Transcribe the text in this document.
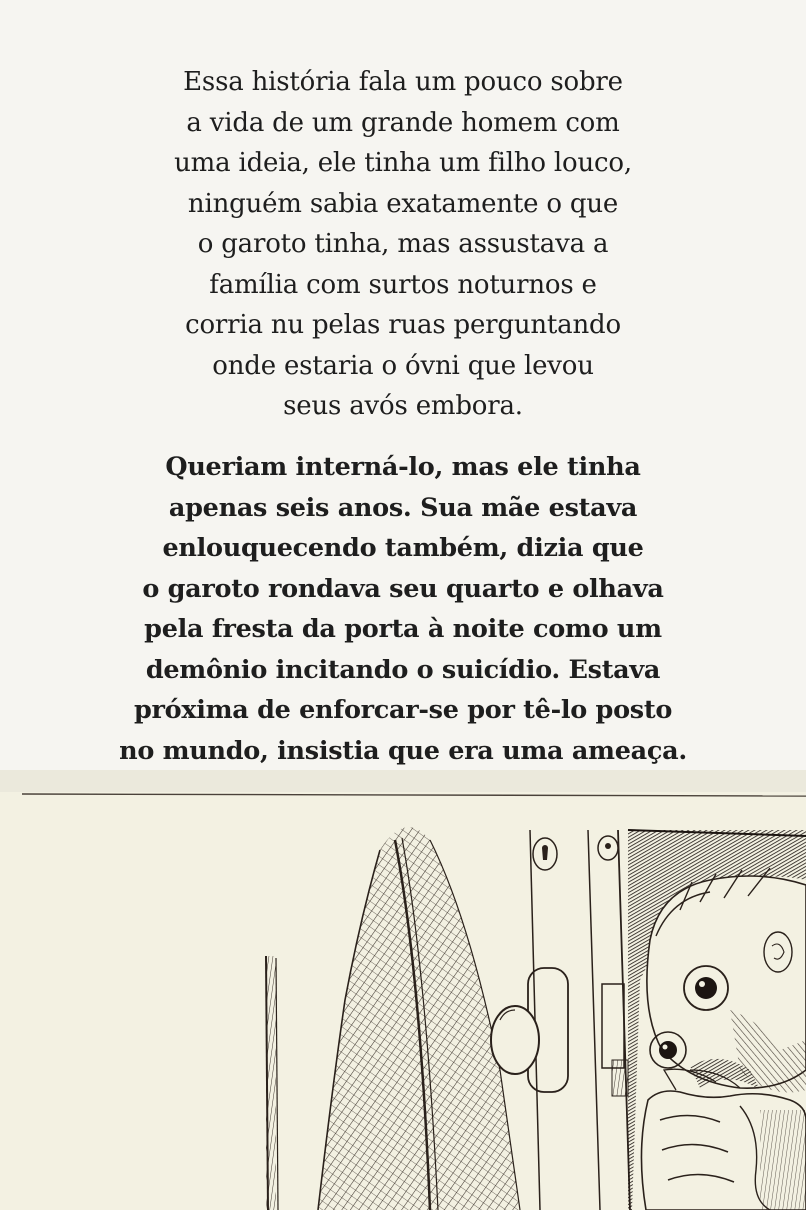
Essa história fala um pouco sobre
a vida de um grande homem com
uma ideia, ele tinha um filho louco,
ninguém sabia exatamente o que
o garoto tinha, mas assustava a
família com surtos noturnos e
corria nu pelas ruas perguntando
onde estaria o óvni que levou
seus avós embora.

Queriam interná-lo, mas ele tinha
apenas seis anos. Sua mãe estava
enlouquecendo também, dizia que
o garoto rondava seu quarto e olhava
pela fresta da porta à noite como um
demônio incitando o suicídio. Estava
próxima de enforcar-se por tê-lo posto
no mundo, insistia que era uma ameaça.
